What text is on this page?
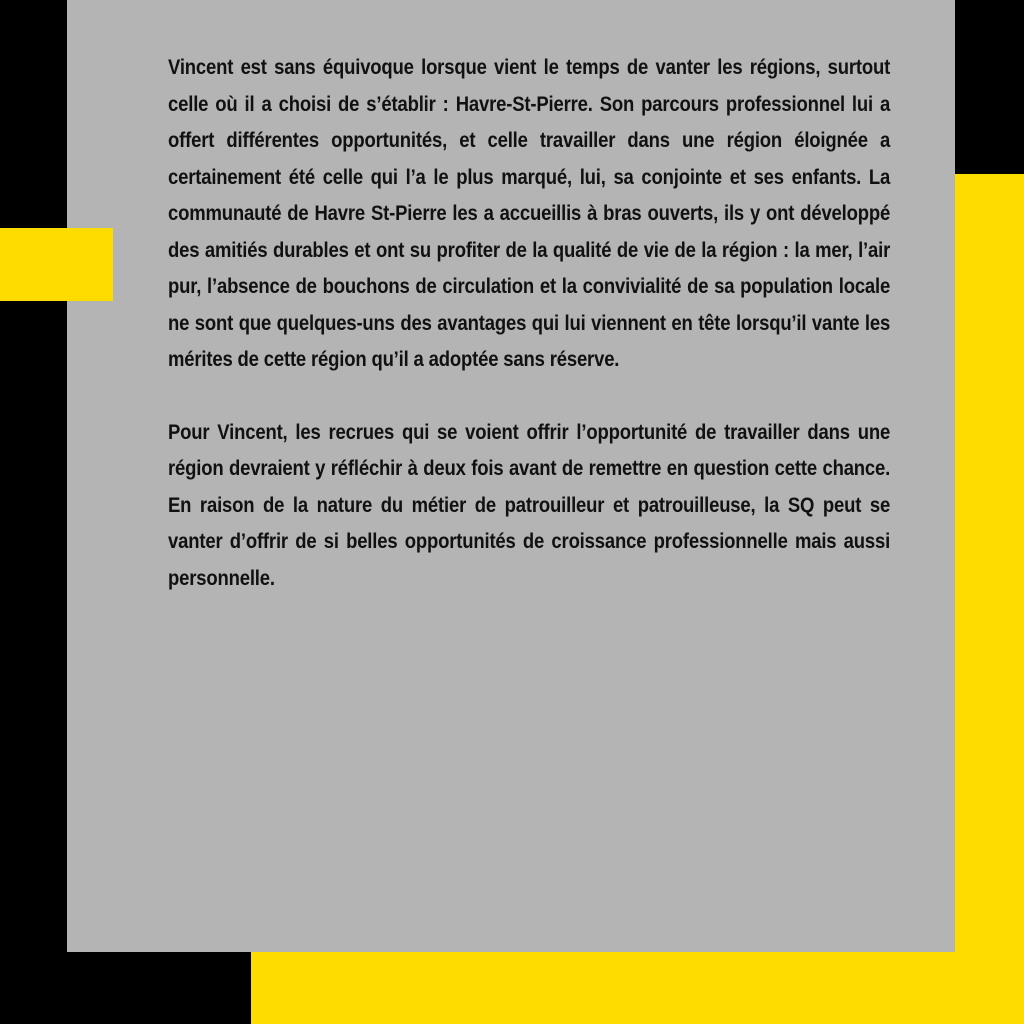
Vincent est sans équivoque lorsque vient le temps de vanter les régions, surtout celle où il a choisi de s’établir : Havre-St-Pierre. Son parcours professionnel lui a offert différentes opportunités, et celle travailler dans une région éloignée a certainement été celle qui l’a le plus marqué, lui, sa conjointe et ses enfants. La communauté de Havre St-Pierre les a accueillis à bras ouverts, ils y ont développé des amitiés durables et ont su profiter de la qualité de vie de la région : la mer, l’air pur, l’absence de bouchons de circulation et la convivialité de sa population locale ne sont que quelques-uns des avantages qui lui viennent en tête lorsqu’il vante les mérites de cette région qu’il a adoptée sans réserve.

Pour Vincent, les recrues qui se voient offrir l’opportunité de travailler dans une région devraient y réfléchir à deux fois avant de remettre en question cette chance. En raison de la nature du métier de patrouilleur et patrouilleuse, la SQ peut se vanter d’offrir de si belles opportunités de croissance professionnelle mais aussi personnelle.
